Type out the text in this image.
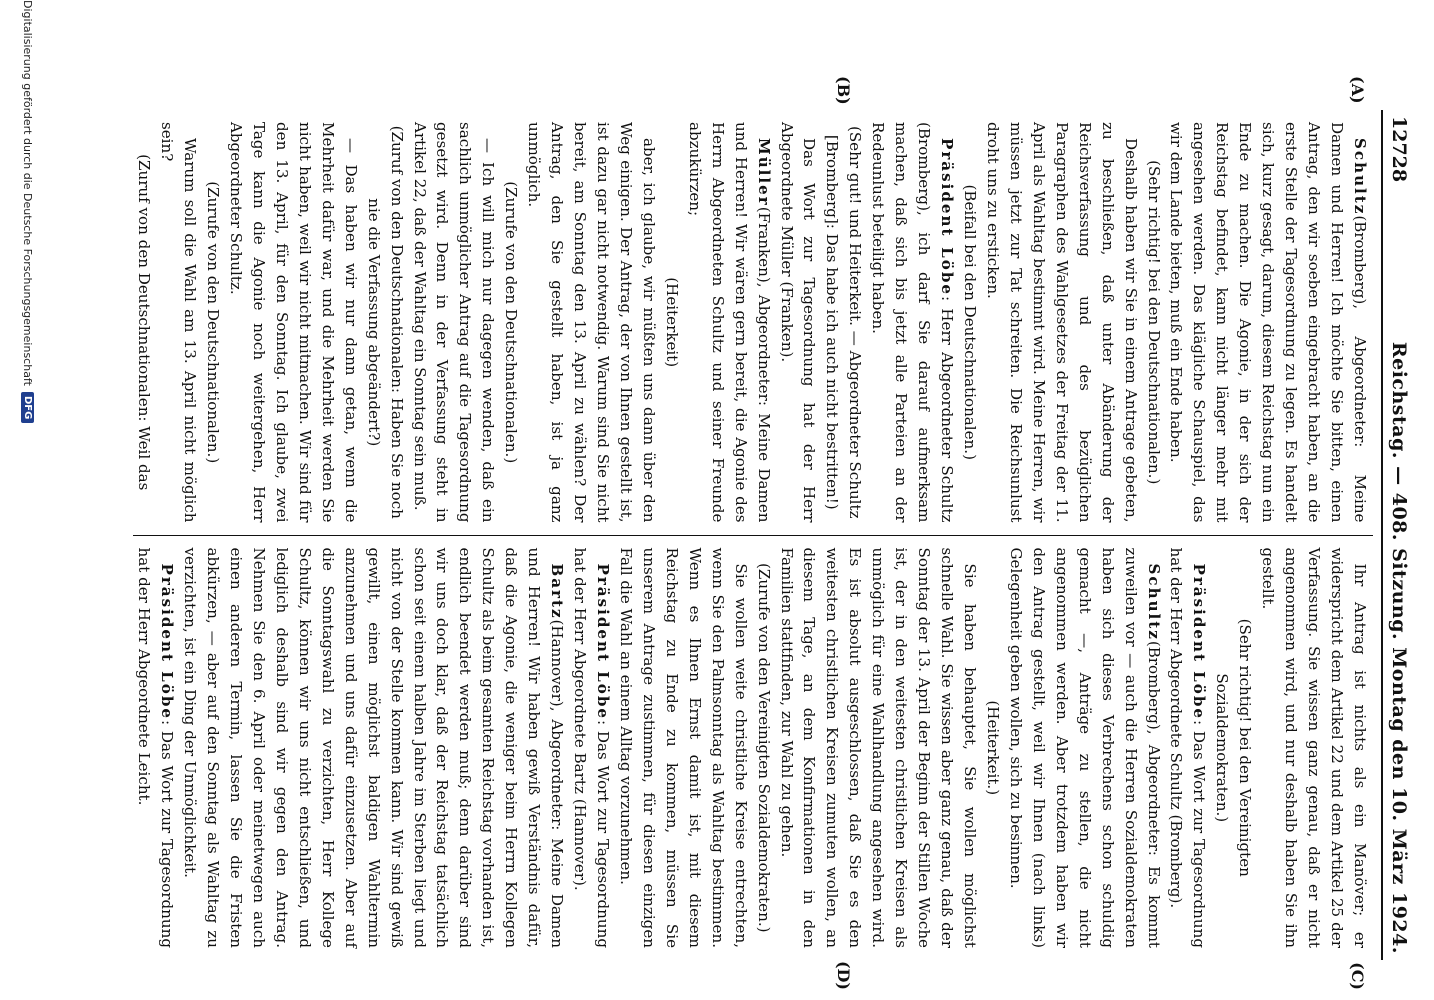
12728
Reichstag. — 408. Sitzung. Montag den 10. März 1924.
(A)
(B)
(C)
(D)

Schultz(Bromberg), Abgeordneter: Meine Damen und Herren! Ich möchte Sie bitten, einen Antrag, den wir soeben eingebracht haben, an die erste Stelle der Tagesordnung zu legen. Es handelt sich, kurz gesagt, darum, diesem Reichstag nun ein Ende zu machen. Die Agonie, in der sich der Reichstag befindet, kann nicht länger mehr mit angesehen werden. Das klägliche Schauspiel, das wir dem Lande bieten, muß ein Ende haben.

(Sehr richtig! bei den Deutschnationalen.)

Deshalb haben wir Sie in einem Antrage gebeten, zu beschließen, daß unter Abänderung der Reichsverfassung und des bezüglichen Paragraphen des Wahlgesetzes der Freitag der 11. April als Wahltag bestimmt wird. Meine Herren, wir müssen jetzt zur Tat schreiten. Die Reichsunlust droht uns zu ersticken.

(Beifall bei den Deutschnationalen.)

Präsident Löbe: Herr Abgeordneter Schultz (Bromberg), ich darf Sie darauf aufmerksam machen, daß sich bis jetzt alle Parteien an der Redeunlust beteiligt haben.

(Sehr gut! und Heiterkeit. — Abgeordneter Schultz [Bromberg]: Das habe ich auch nicht bestritten!)

Das Wort zur Tagesordnung hat der Herr Abgeordnete Müller (Franken).

Müller(Franken), Abgeordneter: Meine Damen und Herren! Wir wären gern bereit, die Agonie des Herrn Abgeordneten Schultz und seiner Freunde abzukürzen;

(Heiterkeit)

aber, ich glaube, wir müßten uns dann über den Weg einigen. Der Antrag, der von Ihnen gestellt ist, ist dazu gar nicht notwendig. Warum sind Sie nicht bereit, am Sonntag den 13. April zu wählen? Der Antrag, den Sie gestellt haben, ist ja ganz unmöglich.

(Zurufe von den Deutschnationalen.)

— Ich will mich nur dagegen wenden, daß ein sachlich unmöglicher Antrag auf die Tagesordnung gesetzt wird. Denn in der Verfassung steht in Artikel 22, daß der Wahltag ein Sonntag sein muß.

(Zuruf von den Deutschnationalen: Haben Sie noch nie die Verfassung abgeändert?)

— Das haben wir nur dann getan, wenn die Mehrheit dafür war, und die Mehrheit werden Sie nicht haben, weil wir nicht mitmachen. Wir sind für den 13. April, für den Sonntag. Ich glaube, zwei Tage kann die Agonie noch weitergehen, Herr Abgeordneter Schultz.

(Zurufe von den Deutschnationalen.)

Warum soll die Wahl am 13. April nicht möglich sein?

(Zuruf von den Deutschnationalen: Weil das

Ihr Antrag ist nichts als ein Manöver; er widerspricht dem Artikel 22 und dem Artikel 25 der Verfassung. Sie wissen ganz genau, daß er nicht angenommen wird, und nur deshalb haben Sie ihn gestellt.

(Sehr richtig! bei den Vereinigten Sozialdemokraten.)

Präsident Löbe: Das Wort zur Tagesordnung hat der Herr Abgeordnete Schultz (Bromberg).

Schultz(Bromberg), Abgeordneter: Es kommt zuweilen vor — auch die Herren Sozialdemokraten haben sich dieses Verbrechens schon schuldig gemacht —, Anträge zu stellen, die nicht angenommen werden. Aber trotzdem haben wir den Antrag gestellt, weil wir Ihnen (nach links) Gelegenheit geben wollen, sich zu besinnen.

(Heiterkeit.)

Sie haben behauptet, Sie wollen möglichst schnelle Wahl. Sie wissen aber ganz genau, daß der Sonntag der 13. April der Beginn der Stillen Woche ist, der in den weitesten christlichen Kreisen als unmöglich für eine Wahlhandlung angesehen wird. Es ist absolut ausgeschlossen, daß Sie es den weitesten christlichen Kreisen zumuten wollen, an diesem Tage, an dem Konfirmationen in den Familien stattfinden, zur Wahl zu gehen.

(Zurufe von den Vereinigten Sozialdemokraten.)

Sie wollen weite christliche Kreise entrechten, wenn Sie den Palmsonntag als Wahltag bestimmen. Wenn es Ihnen Ernst damit ist, mit diesem Reichstag zu Ende zu kommen, müssen Sie unserem Antrage zustimmen, für diesen einzigen Fall die Wahl an einem Alltag vorzunehmen.

Präsident Löbe: Das Wort zur Tagesordnung hat der Herr Abgeordnete Bartz (Hannover).

Bartz(Hannover), Abgeordneter: Meine Damen und Herren! Wir haben gewiß Verständnis dafür, daß die Agonie, die weniger beim Herrn Kollegen Schultz als beim gesamten Reichstag vorhanden ist, endlich beendet werden muß; denn darüber sind wir uns doch klar, daß der Reichstag tatsächlich schon seit einem halben Jahre im Sterben liegt und nicht von der Stelle kommen kann. Wir sind gewiß gewillt, einen möglichst baldigen Wahltermin anzunehmen und uns dafür einzusetzen. Aber auf die Sonntagswahl zu verzichten, Herr Kollege Schultz, können wir uns nicht entschließen, und lediglich deshalb sind wir gegen den Antrag. Nehmen Sie den 6. April oder meinetwegen auch einen anderen Termin, lassen Sie die Fristen abkürzen, — aber auf den Sonntag als Wahltag zu verzichten, ist ein Ding der Unmöglichkeit.

Präsident Löbe: Das Wort zur Tagesordnung hat der Herr Abgeordnete Leicht.

Digitalisierung gefördert durch die Deutsche Forschungsgemeinschaft
DFG
